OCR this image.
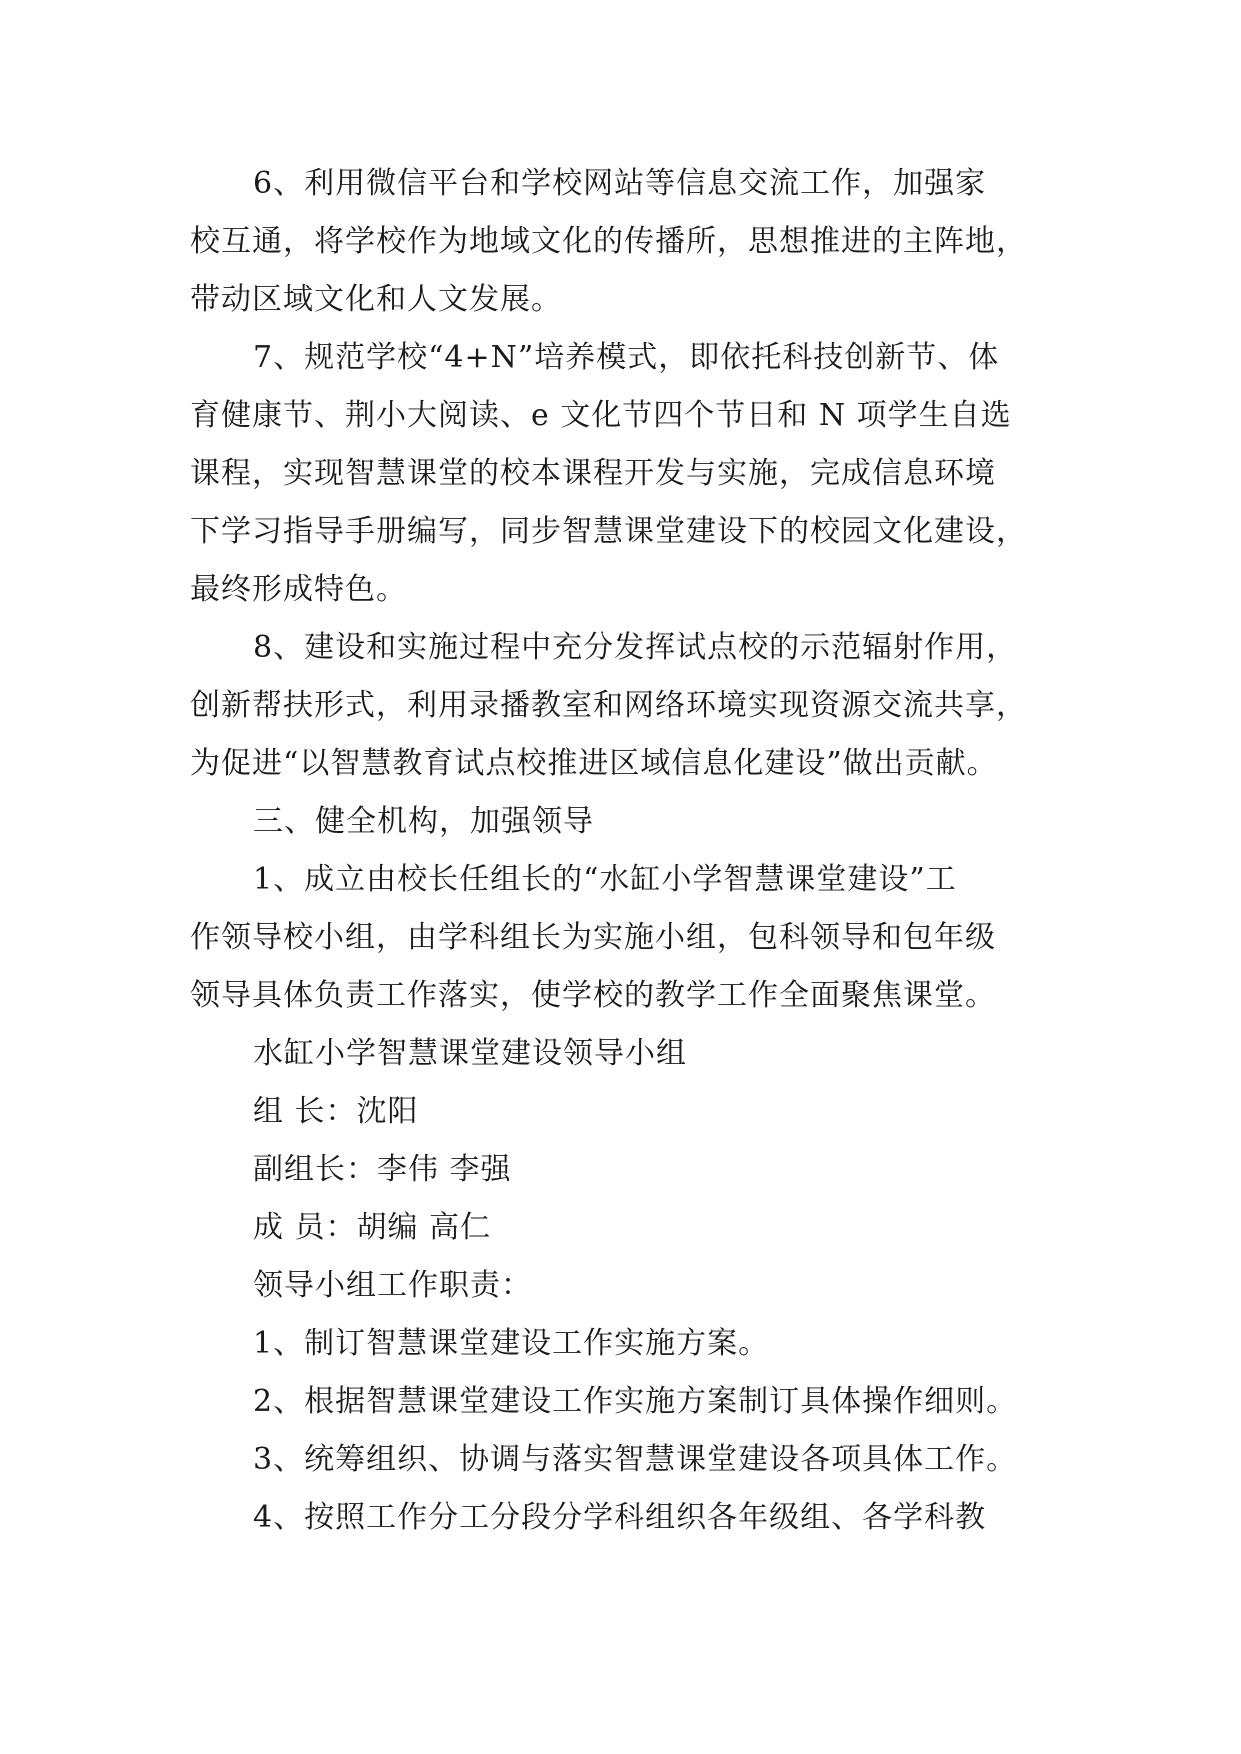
6、利用微信平台和学校网站等信息交流工作，加强家
校互通，将学校作为地域文化的传播所，思想推进的主阵地，
带动区域文化和人文发展。
7、规范学校“4+N”培养模式，即依托科技创新节、体
育健康节、荆小大阅读、e 文化节四个节日和 N 项学生自选
课程，实现智慧课堂的校本课程开发与实施，完成信息环境
下学习指导手册编写，同步智慧课堂建设下的校园文化建设，
最终形成特色。
8、建设和实施过程中充分发挥试点校的示范辐射作用，
创新帮扶形式，利用录播教室和网络环境实现资源交流共享，
为促进“以智慧教育试点校推进区域信息化建设”做出贡献。
三、健全机构，加强领导
1、成立由校长任组长的“水缸小学智慧课堂建设”工
作领导校小组，由学科组长为实施小组，包科领导和包年级
领导具体负责工作落实，使学校的教学工作全面聚焦课堂。
水缸小学智慧课堂建设领导小组
组 长：沈阳
副组长：李伟 李强
成 员：胡编 高仁
领导小组工作职责：
1、制订智慧课堂建设工作实施方案。
2、根据智慧课堂建设工作实施方案制订具体操作细则。
3、统筹组织、协调与落实智慧课堂建设各项具体工作。
4、按照工作分工分段分学科组织各年级组、各学科教
